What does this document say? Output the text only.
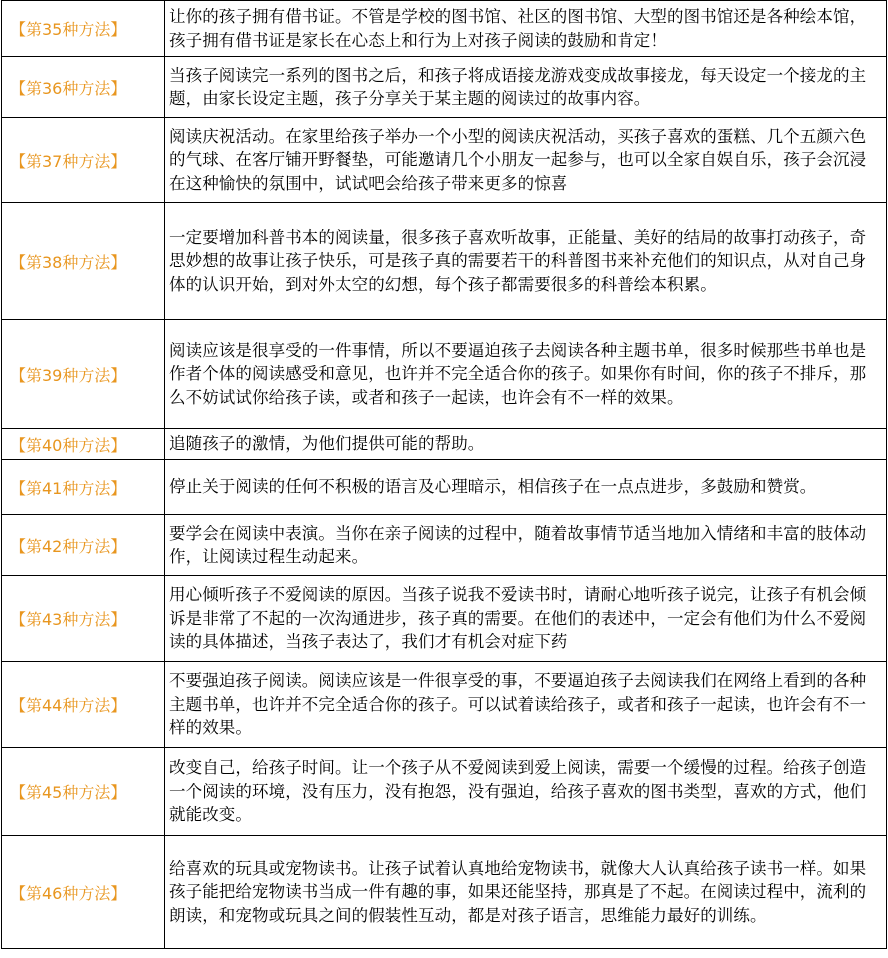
【第35种方法】	让你的孩子拥有借书证。不管是学校的图书馆、社区的图书馆、大型的图书馆还是各种绘本馆，孩子拥有借书证是家长在心态上和行为上对孩子阅读的鼓励和肯定！
【第36种方法】	当孩子阅读完一系列的图书之后，和孩子将成语接龙游戏变成故事接龙，每天设定一个接龙的主题，由家长设定主题，孩子分享关于某主题的阅读过的故事内容。
【第37种方法】	阅读庆祝活动。在家里给孩子举办一个小型的阅读庆祝活动，买孩子喜欢的蛋糕、几个五颜六色的气球、在客厅铺开野餐垫，可能邀请几个小朋友一起参与，也可以全家自娱自乐，孩子会沉浸在这种愉快的氛围中，试试吧会给孩子带来更多的惊喜
【第38种方法】	一定要增加科普书本的阅读量，很多孩子喜欢听故事，正能量、美好的结局的故事打动孩子，奇思妙想的故事让孩子快乐，可是孩子真的需要若干的科普图书来补充他们的知识点，从对自己身体的认识开始，到对外太空的幻想，每个孩子都需要很多的科普绘本积累。
【第39种方法】	阅读应该是很享受的一件事情，所以不要逼迫孩子去阅读各种主题书单，很多时候那些书单也是作者个体的阅读感受和意见，也许并不完全适合你的孩子。如果你有时间，你的孩子不排斥，那么不妨试试你给孩子读，或者和孩子一起读，也许会有不一样的效果。
【第40种方法】	追随孩子的激情，为他们提供可能的帮助。
【第41种方法】	停止关于阅读的任何不积极的语言及心理暗示，相信孩子在一点点进步，多鼓励和赞赏。
【第42种方法】	要学会在阅读中表演。当你在亲子阅读的过程中，随着故事情节适当地加入情绪和丰富的肢体动作，让阅读过程生动起来。
【第43种方法】	用心倾听孩子不爱阅读的原因。当孩子说我不爱读书时，请耐心地听孩子说完，让孩子有机会倾诉是非常了不起的一次沟通进步，孩子真的需要。在他们的表述中，一定会有他们为什么不爱阅读的具体描述，当孩子表达了，我们才有机会对症下药
【第44种方法】	不要强迫孩子阅读。阅读应该是一件很享受的事，不要逼迫孩子去阅读我们在网络上看到的各种主题书单，也许并不完全适合你的孩子。可以试着读给孩子，或者和孩子一起读，也许会有不一样的效果。
【第45种方法】	改变自己，给孩子时间。让一个孩子从不爱阅读到爱上阅读，需要一个缓慢的过程。给孩子创造一个阅读的环境，没有压力，没有抱怨，没有强迫，给孩子喜欢的图书类型，喜欢的方式，他们就能改变。
【第46种方法】	给喜欢的玩具或宠物读书。让孩子试着认真地给宠物读书，就像大人认真给孩子读书一样。如果孩子能把给宠物读书当成一件有趣的事，如果还能坚持，那真是了不起。在阅读过程中，流利的朗读，和宠物或玩具之间的假装性互动，都是对孩子语言，思维能力最好的训练。
